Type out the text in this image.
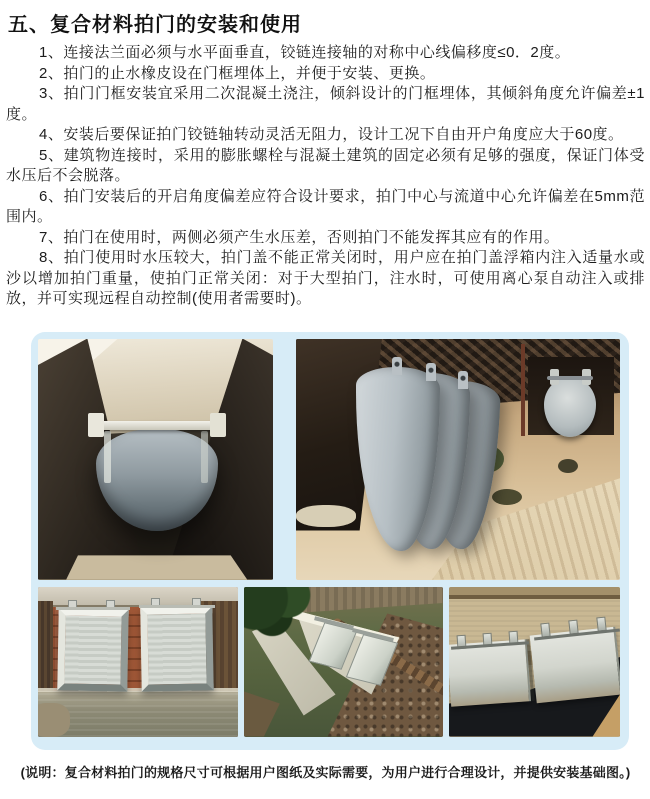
五、复合材料拍门的安装和使用

1、连接法兰面必须与水平面垂直，铰链连接轴的对称中心线偏移度≤0．2度。

2、拍门的止水橡皮设在门框埋体上，并便于安装、更换。

3、拍门门框安装宜采用二次混凝土浇注，倾斜设计的门框埋体，其倾斜角度允许偏差±1度。

4、安装后要保证拍门铰链轴转动灵活无阻力，设计工况下自由开户角度应大于60度。

5、建筑物连接时，采用的膨胀螺栓与混凝土建筑的固定必须有足够的强度，保证门体受水压后不会脱落。

6、拍门安装后的开启角度偏差应符合设计要求，拍门中心与流道中心允许偏差在5mm范围内。

7、拍门在使用时，两侧必须产生水压差，否则拍门不能发挥其应有的作用。

8、拍门使用时水压较大，拍门盖不能正常关闭时，用户应在拍门盖浮箱内注入适量水或沙以增加拍门重量，使拍门正常关闭：对于大型拍门，注水时，可使用离心泵自动注入或排放，并可实现远程自动控制(使用者需要时)。

(说明：复合材料拍门的规格尺寸可根据用户图纸及实际需要，为用户进行合理设计，并提供安装基础图。)
